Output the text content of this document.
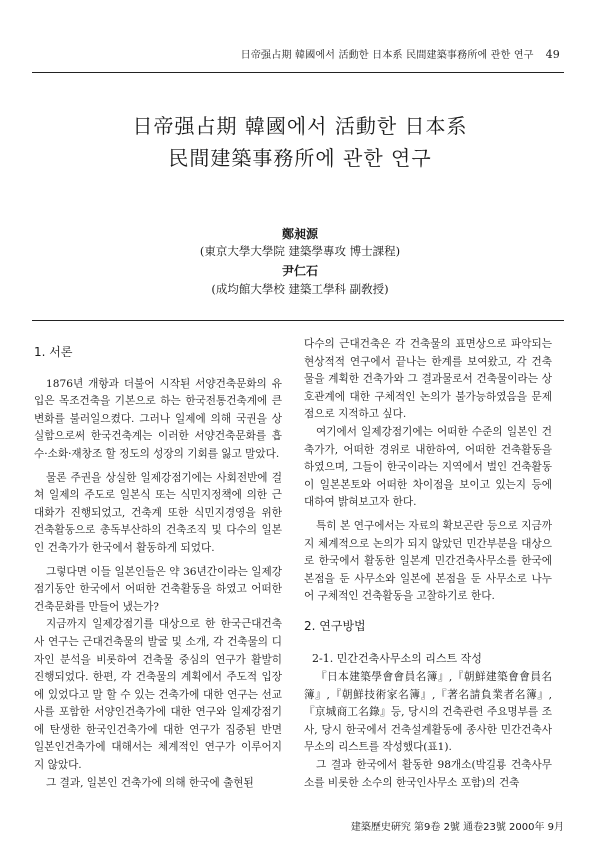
日帝强占期 韓國에서 活動한 日本系 民間建築事務所에 관한 연구 49
日帝强占期 韓國에서 活動한 日本系
民間建築事務所에 관한 연구
鄭昶源
(東京大學大學院 建築學專攻 博士課程)
尹仁石
(成均館大學校 建築工學科 副敎授)
1. 서론

1876년 개항과 더불어 시작된 서양건축문화의 유입은 목조건축을 기본으로 하는 한국전통건축계에 큰 변화를 불러일으켰다. 그러나 일제에 의해 국권을 상실함으로써 한국건축계는 이러한 서양건축문화를 흡수·소화·재창조 할 정도의 성장의 기회를 잃고 말았다.

물론 주권을 상실한 일제강점기에는 사회전반에 걸쳐 일제의 주도로 일본식 또는 식민지정책에 의한 근대화가 진행되었고, 건축계 또한 식민지경영을 위한 건축활동으로 총독부산하의 건축조직 및 다수의 일본인 건축가가 한국에서 활동하게 되었다.

그렇다면 이들 일본인들은 약 36년간이라는 일제강점기동안 한국에서 어떠한 건축활동을 하였고 어떠한 건축문화를 만들어 냈는가?

지금까지 일제강점기를 대상으로 한 한국근대건축사 연구는 근대건축물의 발굴 및 소개, 각 건축물의 디자인 분석을 비롯하여 건축물 중심의 연구가 활발히 진행되었다. 한편, 각 건축물의 계획에서 주도적 입장에 있었다고 말 할 수 있는 건축가에 대한 연구는 선교사를 포함한 서양인건축가에 대한 연구와 일제강점기에 탄생한 한국인건축가에 대한 연구가 집중된 반면 일본인건축가에 대해서는 체계적인 연구가 이루어지지 않았다.

그 결과, 일본인 건축가에 의해 한국에 출현된

다수의 근대건축은 각 건축물의 표면상으로 파악되는 현상적적 연구에서 끝나는 한계를 보여왔고, 각 건축물을 계획한 건축가와 그 결과물로서 건축물이라는 상호관계에 대한 구체적인 논의가 불가능하였음을 문제점으로 지적하고 싶다.

여기에서 일제강점기에는 어떠한 수준의 일본인 건축가가, 어떠한 경위로 내한하여, 어떠한 건축활동을 하였으며, 그들이 한국이라는 지역에서 벌인 건축활동이 일본본토와 어떠한 차이점을 보이고 있는지 등에 대하여 밝혀보고자 한다.

특히 본 연구에서는 자료의 확보곤란 등으로 지금까지 체계적으로 논의가 되지 않았던 민간부분을 대상으로 한국에서 활동한 일본계 민간건축사무소를 한국에 본점을 둔 사무소와 일본에 본점을 둔 사무소로 나누어 구체적인 건축활동을 고찰하기로 한다.

2. 연구방법
2-1. 민간건축사무소의 리스트 작성

『日本建築學會會員名簿』,『朝鮮建築會會員名簿』,『朝鮮技術家名簿』,『著名請負業者名簿』,『京城商工名錄』등, 당시의 건축관련 주요명부를 조사, 당시 한국에서 건축설계활동에 종사한 민간건축사무소의 리스트를 작성했다(표1).

그 결과 한국에서 활동한 98개소(박길룡 건축사무소를 비롯한 소수의 한국인사무소 포함)의 건축

建築歷史硏究 第9卷 2號 通卷23號 2000年 9月
